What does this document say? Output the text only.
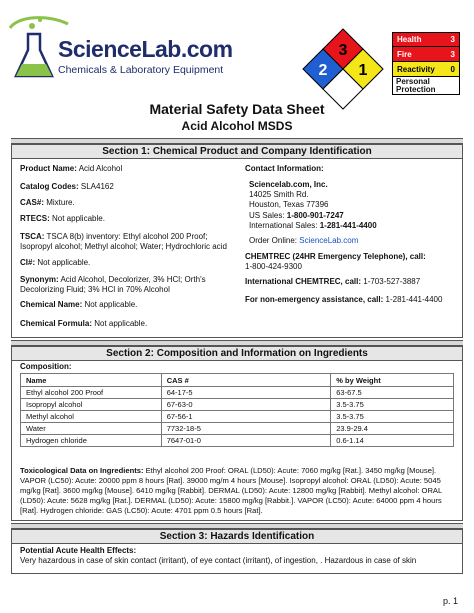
ScienceLab.com
Chemicals & Laboratory Equipment
3
2 1
Health	3
Fire	3
Reactivity 0
Personal Protection
Material Safety Data Sheet
Acid Alcohol MSDS
Section 1: Chemical Product and Company Identification
Product Name: Acid Alcohol
Catalog Codes: SLA4162
CAS#: Mixture.
RTECS: Not applicable.
TSCA: TSCA 8(b) inventory: Ethyl alcohol 200 Proof;
Isopropyl alcohol; Methyl alcohol; Water; Hydrochloric acid
CI#: Not applicable.
Synonym: Acid Alcohol, Decolorizer, 3% HCl; Orth's
Decolorizing Fluid; 3% HCl in 70% Alcohol
Chemical Name: Not applicable.
Chemical Formula: Not applicable.
Contact Information:
Sciencelab.com, Inc.
14025 Smith Rd.
Houston, Texas 77396
US Sales: 1-800-901-7247
International Sales: 1-281-441-4400
Order Online: ScienceLab.com
CHEMTREC (24HR Emergency Telephone), call:
1-800-424-9300
International CHEMTREC, call: 1-703-527-3887
For non-emergency assistance, call: 1-281-441-4400
Section 2: Composition and Information on Ingredients
Composition:
Name	CAS #	% by Weight
Ethyl alcohol 200 Proof	64-17-5	63-67.5
Isopropyl alcohol	67-63-0	3.5-3.75
Methyl alcohol	67-56-1	3.5-3.75
Water	7732-18-5	23.9-29.4
Hydrogen chloride	7647-01-0	0.6-1.14
Toxicological Data on Ingredients: Ethyl alcohol 200 Proof: ORAL (LD50): Acute: 7060 mg/kg [Rat.]. 3450 mg/kg [Mouse].
VAPOR (LC50): Acute: 20000 ppm 8 hours [Rat]. 39000 mg/m 4 hours [Mouse]. Isopropyl alcohol: ORAL (LD50): Acute: 5045
mg/kg [Rat]. 3600 mg/kg [Mouse]. 6410 mg/kg [Rabbit]. DERMAL (LD50): Acute: 12800 mg/kg [Rabbit]. Methyl alcohol: ORAL
(LD50): Acute: 5628 mg/kg [Rat.]. DERMAL (LD50): Acute: 15800 mg/kg [Rabbit.]. VAPOR (LC50): Acute: 64000 ppm 4 hours
[Rat]. Hydrogen chloride: GAS (LC50): Acute: 4701 ppm 0.5 hours [Rat].
Section 3: Hazards Identification
Potential Acute Health Effects:
Very hazardous in case of skin contact (irritant), of eye contact (irritant), of ingestion, . Hazardous in case of skin
p. 1
